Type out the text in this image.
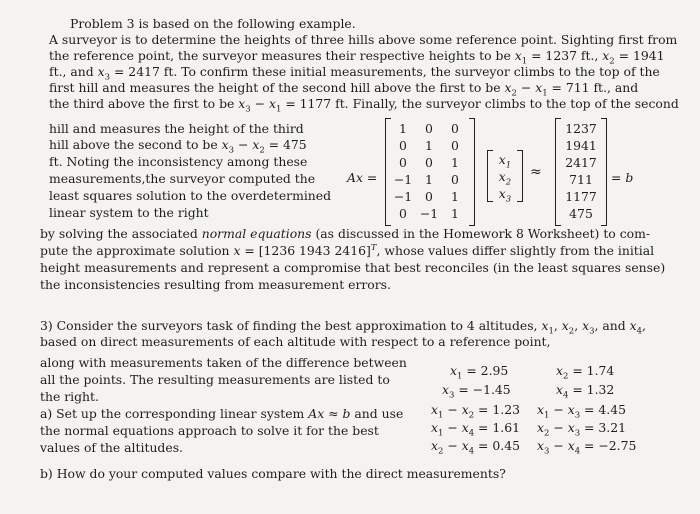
Problem 3 is based on the following example.
A surveyor is to determine the heights of three hills above some reference point. Sighting first from
the reference point, the surveyor measures their respective heights to be $x_1 = 1237$ ft., $x_2 = 1941$
ft., and $x_3 = 2417$ ft. To confirm these initial measurements, the surveyor climbs to the top of the
first hill and measures the height of the second hill above the first to be $x_2 - x_1 = 711$ ft., and
the third above the first to be $x_3 - x_1 = 1177$ ft. Finally, the surveyor climbs to the top of the second
hill and measures the height of the third
hill above the second to be $x_3 - x_2 = 475$
ft. Noting the inconsistency among these
measurements,the surveyor computed the
least squares solution to the overdetermined
linear system to the right
Ax =
1	0	0
0	1	0
0	0	1
−1	1	0
−1	0	1
0	−1	1
$x_1$
$x_2$
$x_3$
≈
1237
1941
2417
711
1177
475
= b
by solving the associated normal equations (as discussed in the Homework 8 Worksheet) to com-
pute the approximate solution x = [1236 1943 2416]$^T$, whose values differ slightly from the initial
height measurements and represent a compromise that best reconciles (in the least squares sense)
the inconsistencies resulting from measurement errors.
3) Consider the surveyors task of finding the best approximation to 4 altitudes, $x_1$, $x_2$, $x_3$, and $x_4$,
based on direct measurements of each altitude with respect to a reference point,
along with measurements taken of the difference between
all the points. The resulting measurements are listed to
the right.
a) Set up the corresponding linear system Ax ≈ b and use
the normal equations approach to solve it for the best
values of the altitudes.
b) How do your computed values compare with the direct measurements?
$x_1 = 2.95$	$x_2 = 1.74$
$x_3 = -1.45$	$x_4 = 1.32$
$x_1 - x_2 = 1.23$ $x_1 - x_3 = 4.45$
$x_1 - x_4 = 1.61$ $x_2 - x_3 = 3.21$
$x_2 - x_4 = 0.45$ $x_3 - x_4 = -2.75$
